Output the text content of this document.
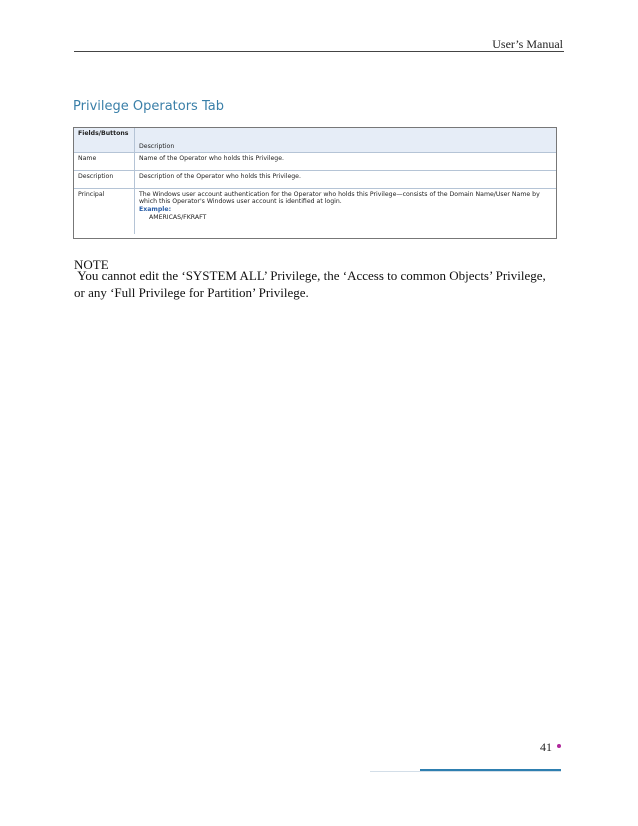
User’s Manual
Privilege Operators Tab
Fields/Buttons	Description
Name	Name of the Operator who holds this Privilege.
Description	Description of the Operator who holds this Privilege.
Principal	The Windows user account authentication for the Operator who holds this Privilege—consists of the Domain Name/User Name by which this Operator's Windows user account is identified at login.
Example:
AMERICAS/FKRAFT
NOTE
You cannot edit the ‘SYSTEM ALL’ Privilege, the ‘Access to common Objects’ Privilege, or any ‘Full Privilege for Partition’ Privilege.
41
